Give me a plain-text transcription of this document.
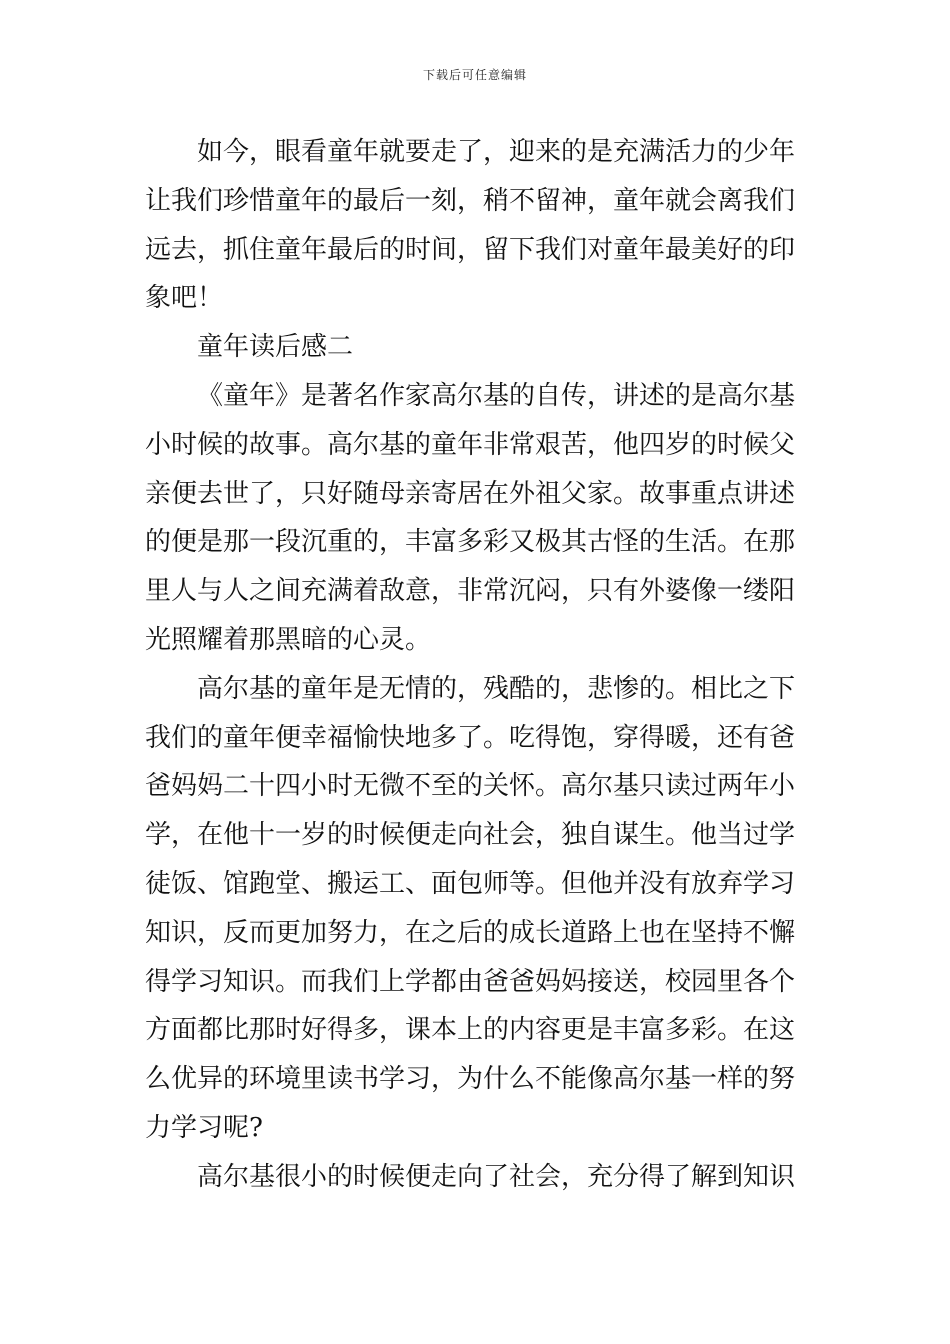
下载后可任意编辑
如今，眼看童年就要走了，迎来的是充满活力的少年
让我们珍惜童年的最后一刻，稍不留神，童年就会离我们
远去，抓住童年最后的时间，留下我们对童年最美好的印
象吧！
童年读后感二
《童年》是著名作家高尔基的自传，讲述的是高尔基
小时候的故事。高尔基的童年非常艰苦，他四岁的时候父
亲便去世了，只好随母亲寄居在外祖父家。故事重点讲述
的便是那一段沉重的，丰富多彩又极其古怪的生活。在那
里人与人之间充满着敌意，非常沉闷，只有外婆像一缕阳
光照耀着那黑暗的心灵。
高尔基的童年是无情的，残酷的，悲惨的。相比之下
我们的童年便幸福愉快地多了。吃得饱，穿得暖，还有爸
爸妈妈二十四小时无微不至的关怀。高尔基只读过两年小
学，在他十一岁的时候便走向社会，独自谋生。他当过学
徒饭、馆跑堂、搬运工、面包师等。但他并没有放弃学习
知识，反而更加努力，在之后的成长道路上也在坚持不懈
得学习知识。而我们上学都由爸爸妈妈接送，校园里各个
方面都比那时好得多，课本上的内容更是丰富多彩。在这
么优异的环境里读书学习，为什么不能像高尔基一样的努
力学习呢?
高尔基很小的时候便走向了社会，充分得了解到知识
